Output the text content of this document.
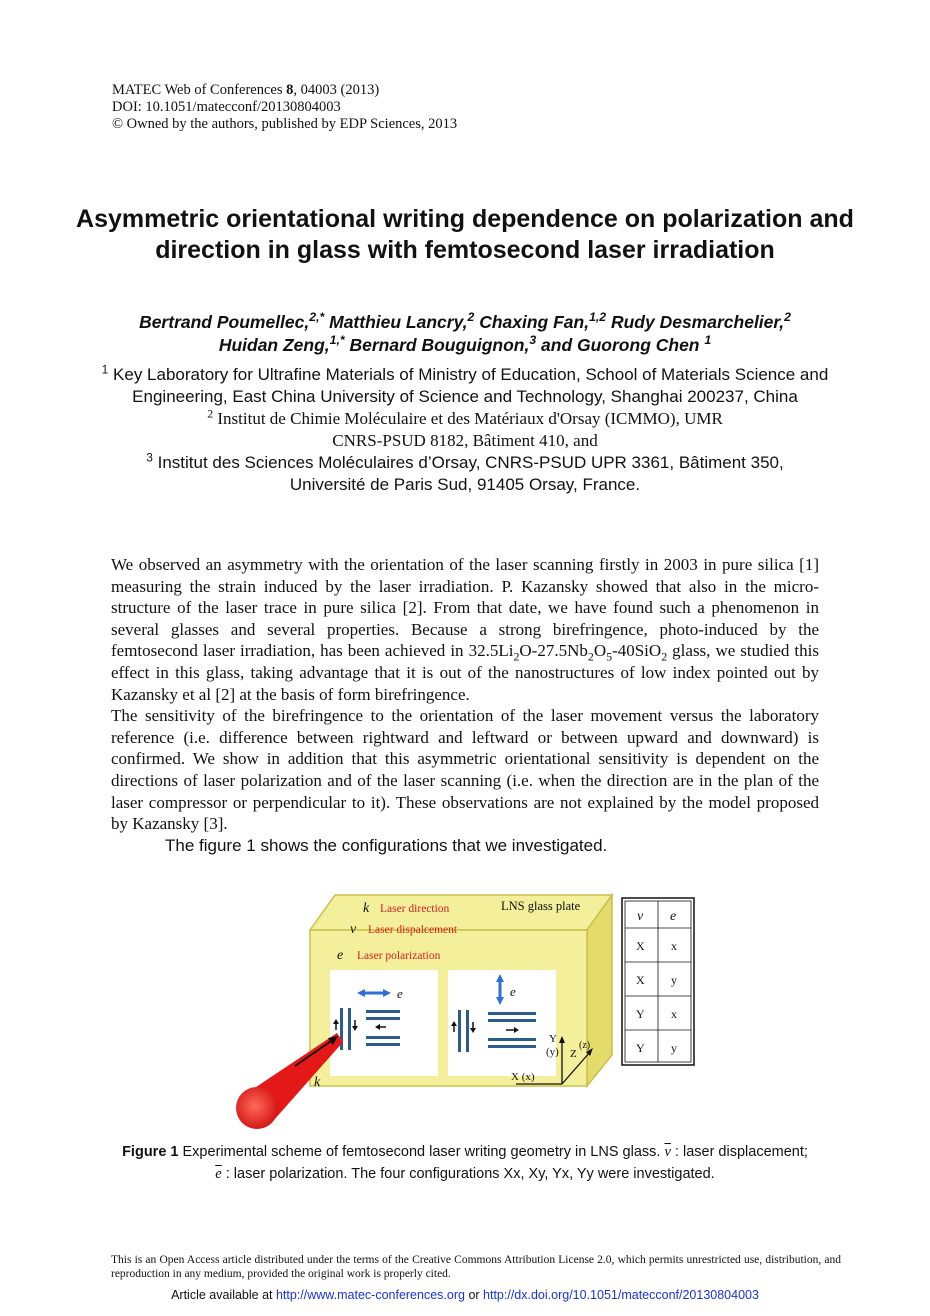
MATEC Web of Conferences 8, 04003 (2013)
DOI: 10.1051/matecconf/20130804003
© Owned by the authors, published by EDP Sciences, 2013
Asymmetric orientational writing dependence on polarization and direction in glass with femtosecond laser irradiation
Bertrand Poumellec,$^{2,*}$ Matthieu Lancry,$^2$ Chaxing Fan,$^{1,2}$ Rudy Desmarchelier,$^2$
Huidan Zeng,$^{1,*}$ Bernard Bouguignon,$^3$ and Guorong Chen $^1$
$^1$ Key Laboratory for Ultrafine Materials of Ministry of Education, School of Materials Science and Engineering, East China University of Science and Technology, Shanghai 200237, China
$^2$ Institut de Chimie Moléculaire et des Matériaux d'Orsay (ICMMO), UMR CNRS-PSUD 8182, Bâtiment 410, and
$^3$ Institut des Sciences Moléculaires d’Orsay, CNRS-PSUD UPR 3361, Bâtiment 350, Université de Paris Sud, 91405 Orsay, France.

We observed an asymmetry with the orientation of the laser scanning firstly in 2003 in pure silica [1] measuring the strain induced by the laser irradiation. P. Kazansky showed that also in the micro-structure of the laser trace in pure silica [2]. From that date, we have found such a phenomenon in several glasses and several properties. Because a strong birefringence, photo-induced by the femtosecond laser irradiation, has been achieved in $32.5Li_2O-27.5Nb_2O_5-40SiO_2$ glass, we studied this effect in this glass, taking advantage that it is out of the nanostructures of low index pointed out by Kazansky et al [2] at the basis of form birefringence.

The sensitivity of the birefringence to the orientation of the laser movement versus the laboratory reference (i.e. difference between rightward and leftward or between upward and downward) is confirmed. We show in addition that this asymmetric orientational sensitivity is dependent on the directions of laser polarization and of the laser scanning (i.e. when the direction are in the plan of the laser compressor or perpendicular to it). These observations are not explained by the model proposed by Kazansky [3].

The figure 1 shows the configurations that we investigated.

k Laser direction
v Laser dispalcement
e Laser polarization
LNS glass plate
e	e
k
Y
(y) Z
(z)
X (x)
v e
X x
X y
Y x
Y y
Figure 1 Experimental scheme of femtosecond laser writing geometry in LNS glass. $\overline{v}$ : laser displacement; $\overline{e}$ : laser polarization. The four configurations Xx, Xy, Yx, Yy were investigated.
This is an Open Access article distributed under the terms of the Creative Commons Attribution License 2.0, which permits unrestricted use, distribution, and reproduction in any medium, provided the original work is properly cited.
Article available at http://www.matec-conferences.org or http://dx.doi.org/10.1051/matecconf/20130804003
